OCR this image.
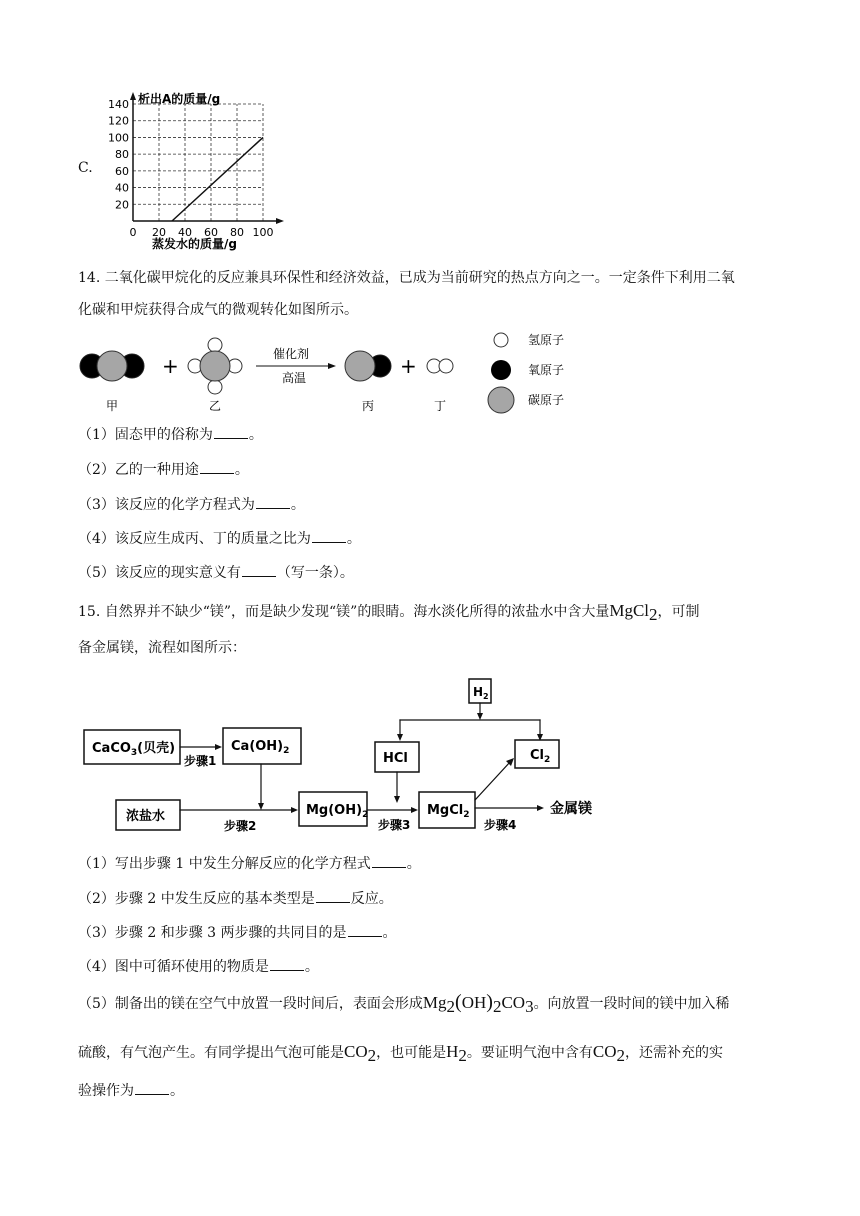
C.
析出A的质量/g
蒸发水的质量/g
20
40
60
80
100
120
140
0 20 40 60 80 100
14. 二氧化碳甲烷化的反应兼具环保性和经济效益，已成为当前研究的热点方向之一。一定条件下利用二氧
化碳和甲烷获得合成气的微观转化如图所示。
+	催化剂
高温	+
甲	乙	丙	丁
氢原子
氧原子
碳原子
（1）固态甲的俗称为	。
（2）乙的一种用途	。
（3）该反应的化学方程式为	。
（4）该反应生成丙、丁的质量之比为	。
（5）该反应的现实意义有	（写一条）。
15. 自然界并不缺少“镁”，而是缺少发现“镁”的眼睛。海水淡化所得的浓盐水中含大量MgCl$_2$，可制
备金属镁，流程如图所示：
$H_2$
CaCO$_3$(贝壳)
步骤1
$Ca(OH)_2$	HCl	$Cl_2$
浓盐水
步骤2
$Mg(OH)_2$
步骤3
MgCl$_2$	金属镁
步骤4
（1）写出步骤 1 中发生分解反应的化学方程式	。
（2）步骤 2 中发生反应的基本类型是	反应。
（3）步骤 2 和步骤 3 两步骤的共同目的是	。
（4）图中可循环使用的物质是	。
（5）制备出的镁在空气中放置一段时间后，表面会形成$Mg_2(OH)_2CO_3$。向放置一段时间的镁中加入稀
硫酸，有气泡产生。有同学提出气泡可能是$CO_2$，也可能是$H_2$。要证明气泡中含有$CO_2$，还需补充的实
验操作为	。
